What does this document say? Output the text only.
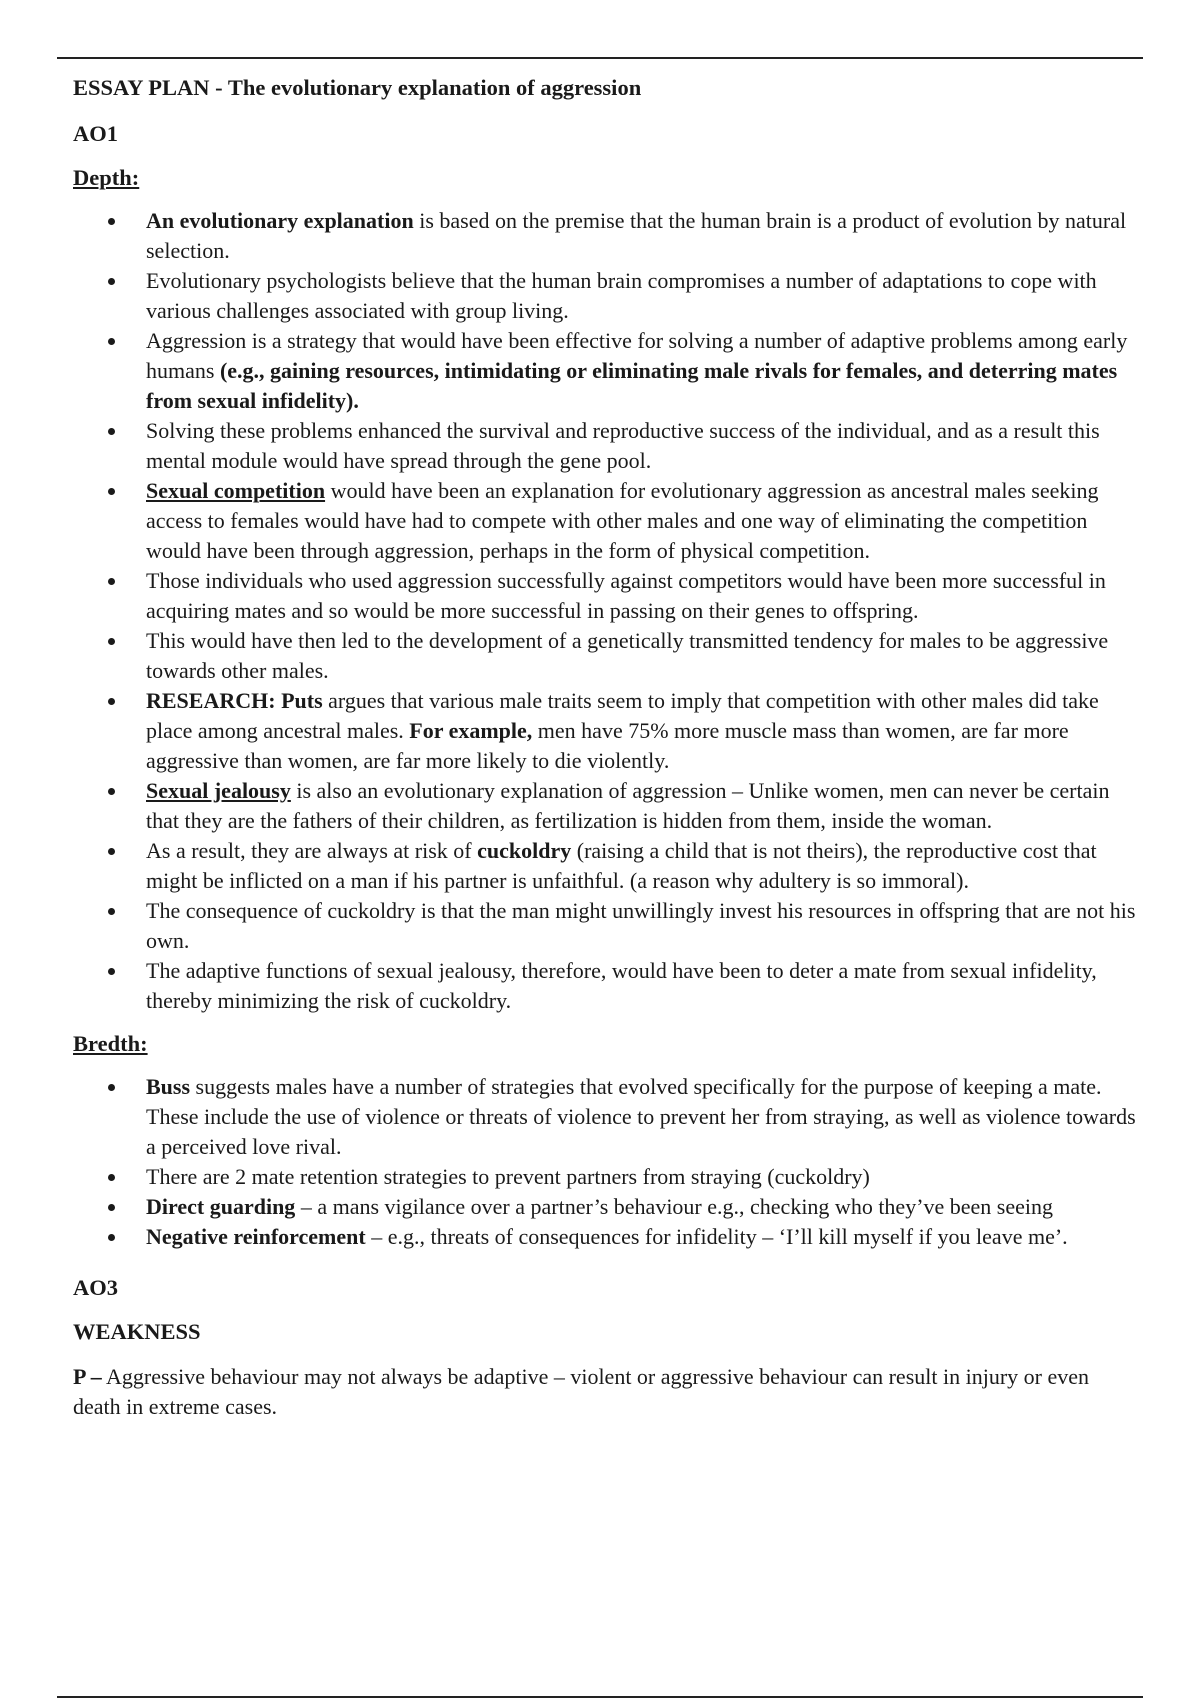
ESSAY PLAN - The evolutionary explanation of aggression
AO1
Depth:
An evolutionary explanation is based on the premise that the human brain is a product of evolution by natural selection.
Evolutionary psychologists believe that the human brain compromises a number of adaptations to cope with various challenges associated with group living.
Aggression is a strategy that would have been effective for solving a number of adaptive problems among early humans (e.g., gaining resources, intimidating or eliminating male rivals for females, and deterring mates from sexual infidelity).
Solving these problems enhanced the survival and reproductive success of the individual, and as a result this mental module would have spread through the gene pool.
Sexual competition would have been an explanation for evolutionary aggression as ancestral males seeking access to females would have had to compete with other males and one way of eliminating the competition would have been through aggression, perhaps in the form of physical competition.
Those individuals who used aggression successfully against competitors would have been more successful in acquiring mates and so would be more successful in passing on their genes to offspring.
This would have then led to the development of a genetically transmitted tendency for males to be aggressive towards other males.
RESEARCH: Puts argues that various male traits seem to imply that competition with other males did take place among ancestral males. For example, men have 75% more muscle mass than women, are far more aggressive than women, are far more likely to die violently.
Sexual jealousy is also an evolutionary explanation of aggression – Unlike women, men can never be certain that they are the fathers of their children, as fertilization is hidden from them, inside the woman.
As a result, they are always at risk of cuckoldry (raising a child that is not theirs), the reproductive cost that might be inflicted on a man if his partner is unfaithful. (a reason why adultery is so immoral).
The consequence of cuckoldry is that the man might unwillingly invest his resources in offspring that are not his own.
The adaptive functions of sexual jealousy, therefore, would have been to deter a mate from sexual infidelity, thereby minimizing the risk of cuckoldry.
Bredth:
Buss suggests males have a number of strategies that evolved specifically for the purpose of keeping a mate. These include the use of violence or threats of violence to prevent her from straying, as well as violence towards a perceived love rival.
There are 2 mate retention strategies to prevent partners from straying (cuckoldry)
Direct guarding – a mans vigilance over a partner’s behaviour e.g., checking who they’ve been seeing
Negative reinforcement – e.g., threats of consequences for infidelity – ‘I’ll kill myself if you leave me’.
AO3
WEAKNESS

P – Aggressive behaviour may not always be adaptive – violent or aggressive behaviour can result in injury or even death in extreme cases.
